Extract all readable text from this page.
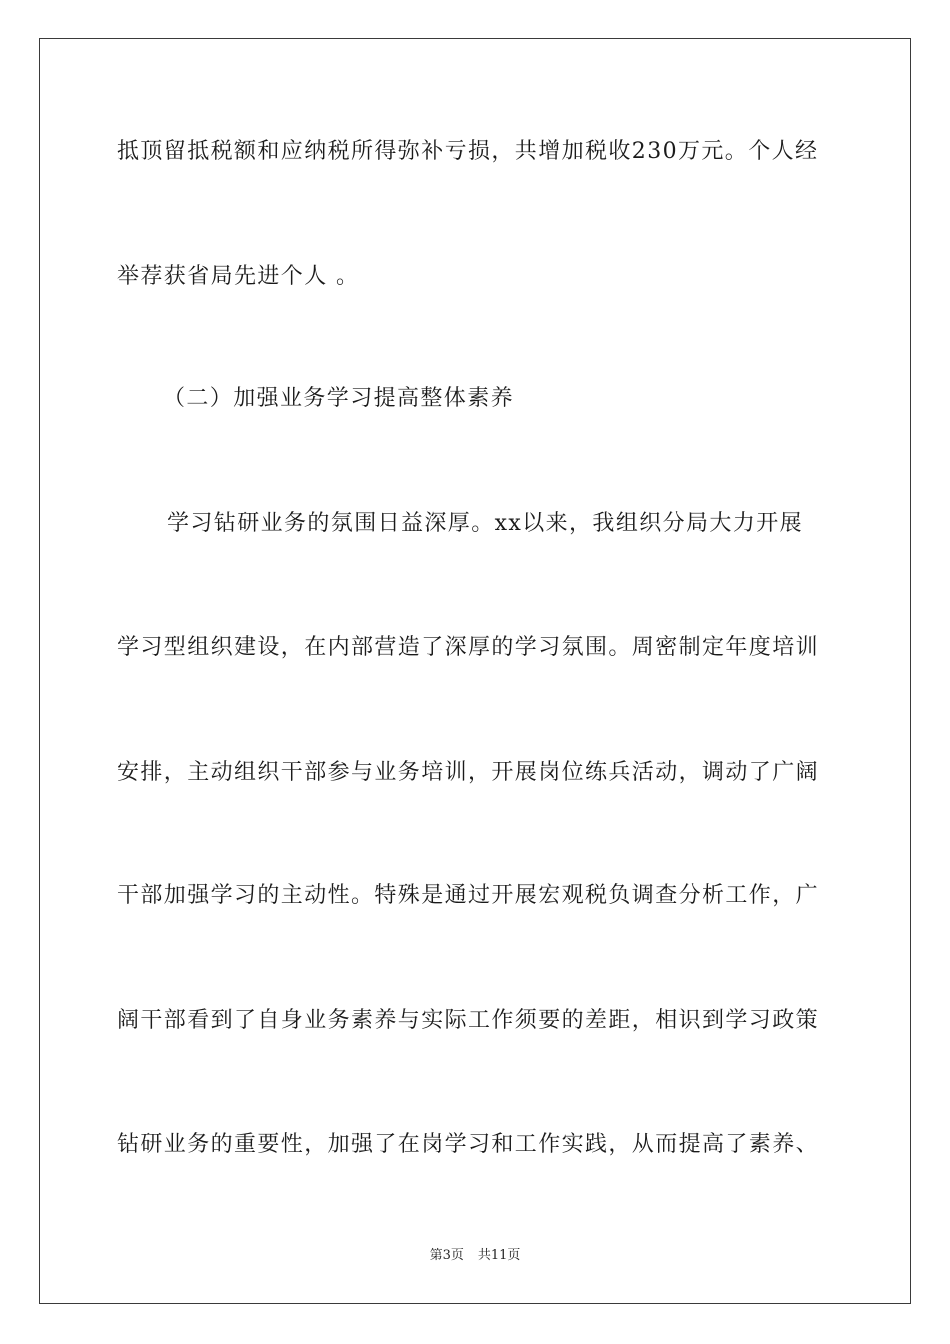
抵顶留抵税额和应纳税所得弥补亏损，共增加税收230万元。个人经
举荐获省局先进个人 。
（二）加强业务学习提高整体素养
学习钻研业务的氛围日益深厚。xx以来，我组织分局大力开展
学习型组织建设，在内部营造了深厚的学习氛围。周密制定年度培训
安排，主动组织干部参与业务培训，开展岗位练兵活动，调动了广阔
干部加强学习的主动性。特殊是通过开展宏观税负调查分析工作，广
阔干部看到了自身业务素养与实际工作须要的差距，相识到学习政策
钻研业务的重要性，加强了在岗学习和工作实践，从而提高了素养、
第3页 共11页
